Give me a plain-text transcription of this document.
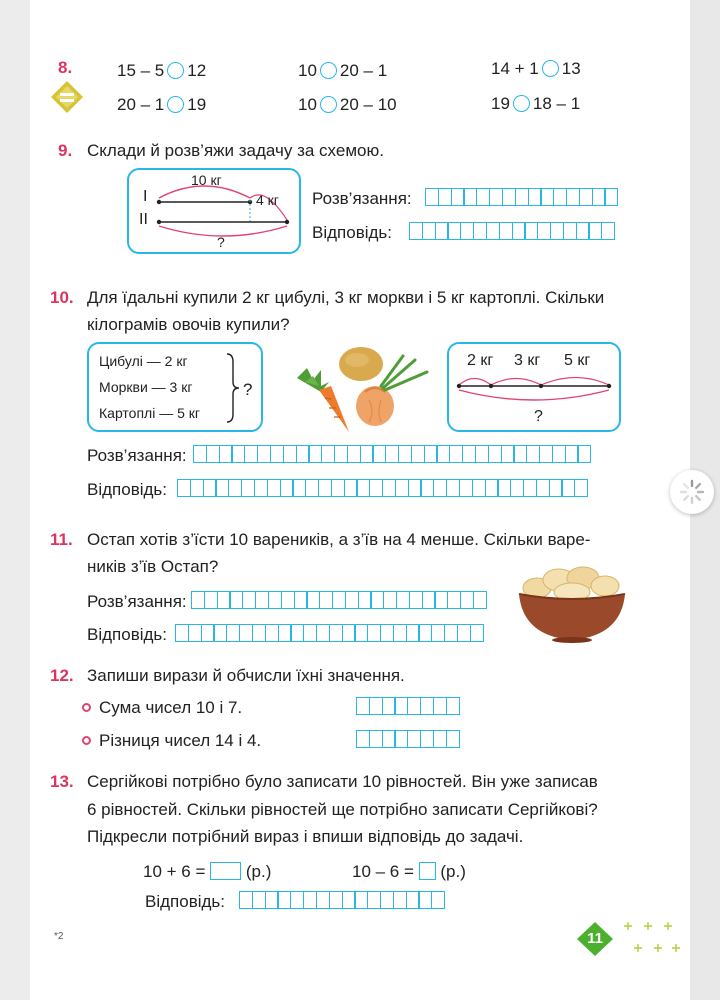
8.	15 – 5 12	10 20 – 1	14 + 1 13
20 – 1 19	10 20 – 10	19 18 – 1
9. Склади й розв’яжи задачу за схемою.
I
II
10 кг
4 кг
?
Розв’язання:
Відповідь:
10. Для їдальні купили 2 кг цибулі, 3 кг моркви і 5 кг картоплі. Скільки
кілограмів овочів купили?
Цибулі — 2 кг
Моркви — 3 кг
Картоплі — 5 кг
?
2 кг 3 кг 5 кг
?
Розв’язання:
Відповідь:
11. Остап хотів з’їсти 10 вареників, а з’їв на 4 менше. Скільки варе-
ників з’їв Остап?
Розв’язання:
Відповідь:
12. Запиши вирази й обчисли їхні значення.
Сума чисел 10 і 7.
Різниця чисел 14 і 4.
13. Сергійкові потрібно було записати 10 рівностей. Він уже записав
6 рівностей. Скільки рівностей ще потрібно записати Сергійкові?
Підкресли потрібний вираз і впиши відповідь до задачі.
10 + 6 = (р.)	10 – 6 = (р.)
Відповідь:
*2	11
